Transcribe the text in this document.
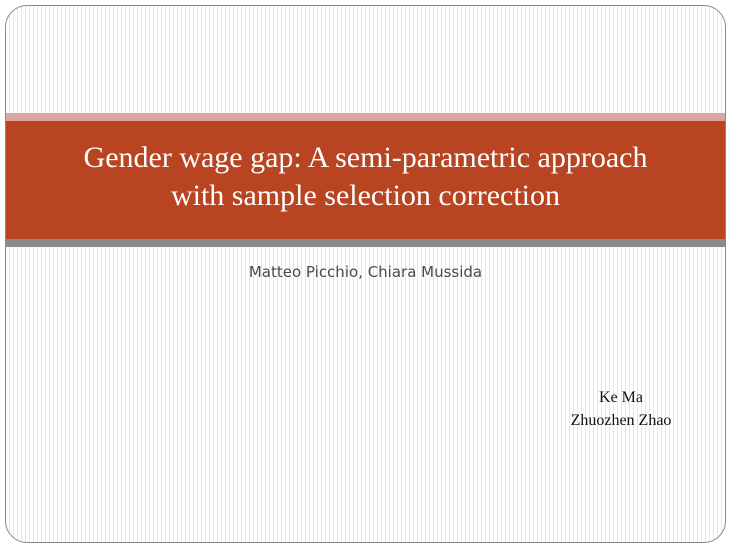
Gender wage gap: A semi-parametric approach
with sample selection correction
Matteo Picchio, Chiara Mussida
Ke Ma
Zhuozhen Zhao
